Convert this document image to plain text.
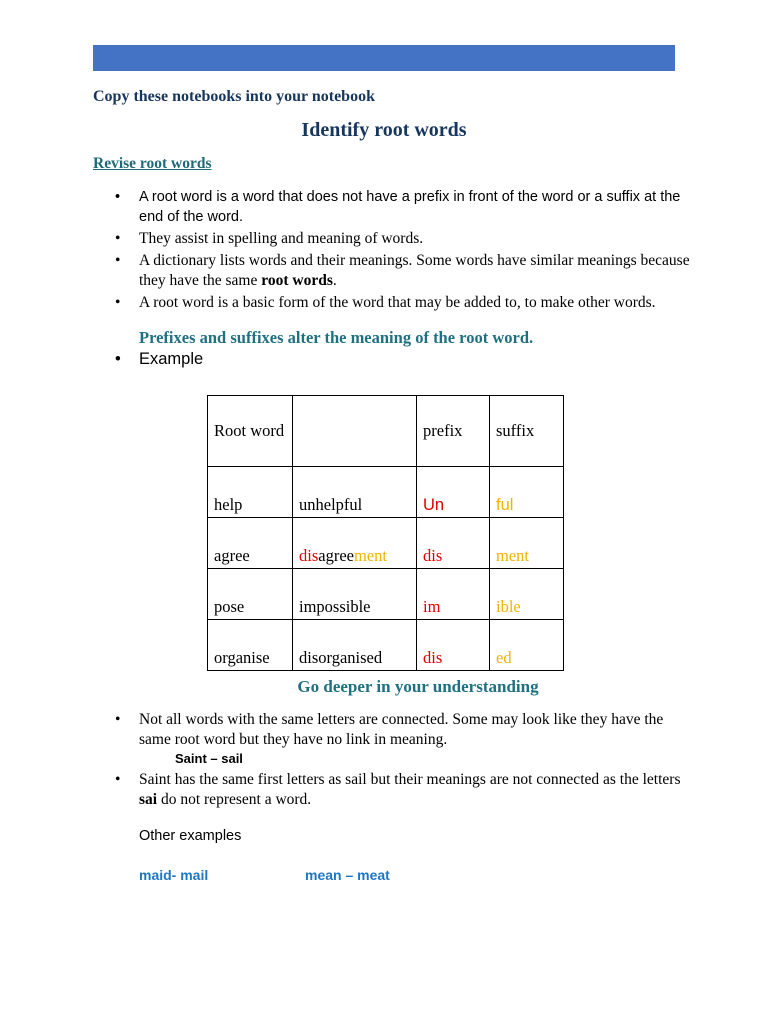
Copy these notebooks into your notebook
Identify root words
Revise root words
• A root word is a word that does not have a prefix in front of the word or a suffix at the end of the word.
• They assist in spelling and meaning of words.
• A dictionary lists words and their meanings. Some words have similar meanings because they have the same root words.
• A root word is a basic form of the word that may be added to, to make other words.
Prefixes and suffixes alter the meaning of the root word.
• Example
Root word		prefix	suffix
help	unhelpful	Un	ful
agree	disagreement	dis	ment
pose	impossible	im	ible
organise	disorganised	dis	ed
Go deeper in your understanding
• Not all words with the same letters are connected. Some may look like they have the same root word but they have no link in meaning.
Saint – sail
• Saint has the same first letters as sail but their meanings are not connected as the letters sai do not represent a word.
Other examples
maid- mail	mean – meat
